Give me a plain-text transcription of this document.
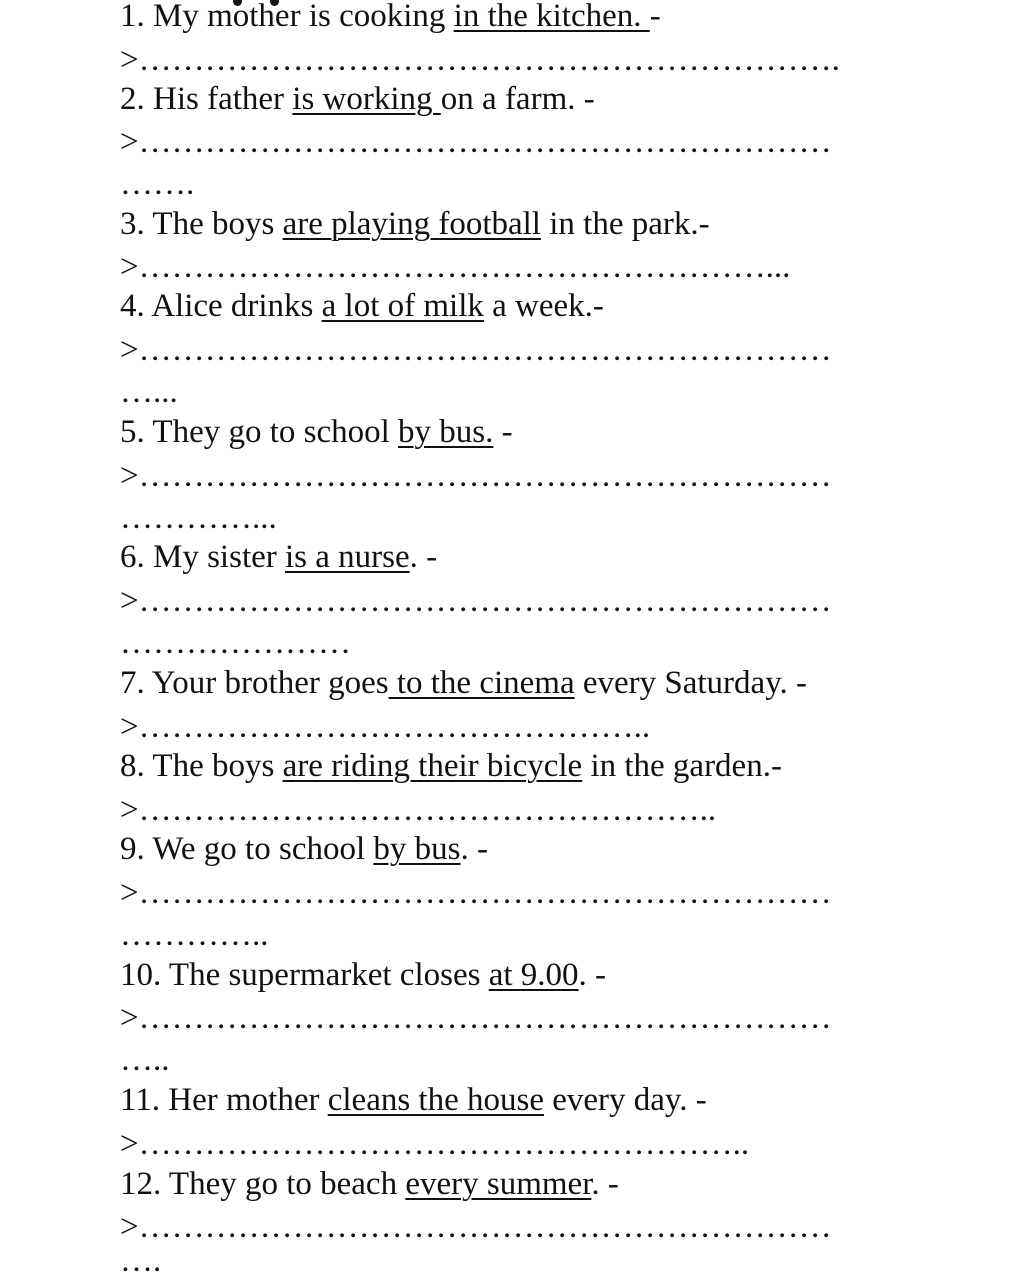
1. My mother is cooking in the kitchen. -
>……………………………………………………….
2. His father is working on a farm. -
>………………………………………………………
…….
3. The boys are playing football in the park.-
>…………………………………………………...
4. Alice drinks a lot of milk a week.-
>………………………………………………………
…...
5. They go to school by bus. -
>………………………………………………………
…………...
6. My sister is a nurse. -
>………………………………………………………
…………………
7. Your brother goes to the cinema every Saturday. -
>………………………………………..
8. The boys are riding their bicycle in the garden.-
>……………………………………………..
9. We go to school by bus. -
>………………………………………………………
…………..
10. The supermarket closes at 9.00. -
>………………………………………………………
…..
11. Her mother cleans the house every day. -
>………………………………………………..
12. They go to beach every summer. -
>………………………………………………………
….
